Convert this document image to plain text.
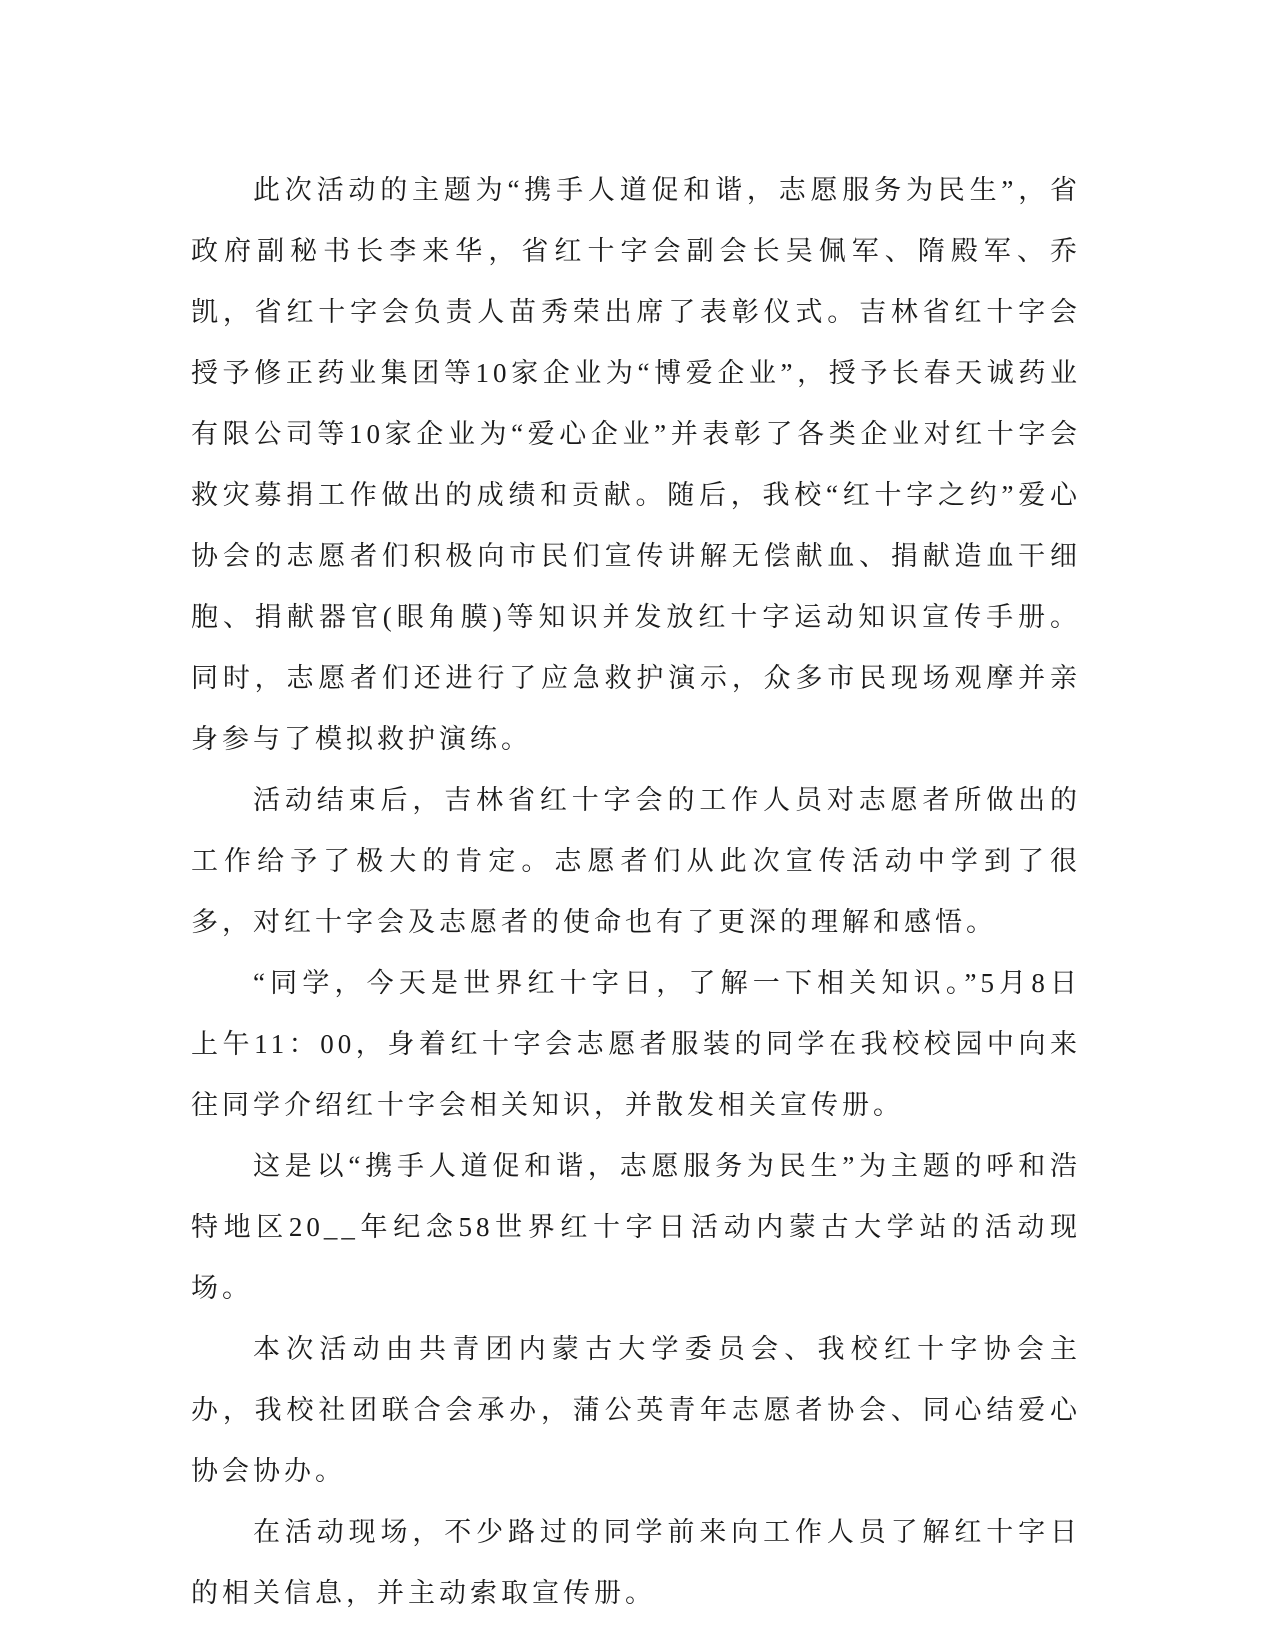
此次活动的主题为“携手人道促和谐，志愿服务为民生”，省政府副秘书长李来华，省红十字会副会长吴佩军、隋殿军、乔凯，省红十字会负责人苗秀荣出席了表彰仪式。吉林省红十字会授予修正药业集团等10家企业为“博爱企业”，授予长春天诚药业有限公司等10家企业为“爱心企业”并表彰了各类企业对红十字会救灾募捐工作做出的成绩和贡献。随后，我校“红十字之约”爱心协会的志愿者们积极向市民们宣传讲解无偿献血、捐献造血干细胞、捐献器官(眼角膜)等知识并发放红十字运动知识宣传手册。同时，志愿者们还进行了应急救护演示，众多市民现场观摩并亲身参与了模拟救护演练。

活动结束后，吉林省红十字会的工作人员对志愿者所做出的工作给予了极大的肯定。志愿者们从此次宣传活动中学到了很多，对红十字会及志愿者的使命也有了更深的理解和感悟。

“同学，今天是世界红十字日，了解一下相关知识。”5月8日上午11：00，身着红十字会志愿者服装的同学在我校校园中向来往同学介绍红十字会相关知识，并散发相关宣传册。

这是以“携手人道促和谐，志愿服务为民生”为主题的呼和浩特地区20__年纪念58世界红十字日活动内蒙古大学站的活动现场。

本次活动由共青团内蒙古大学委员会、我校红十字协会主办，我校社团联合会承办，蒲公英青年志愿者协会、同心结爱心协会协办。

在活动现场，不少路过的同学前来向工作人员了解红十字日的相关信息，并主动索取宣传册。
